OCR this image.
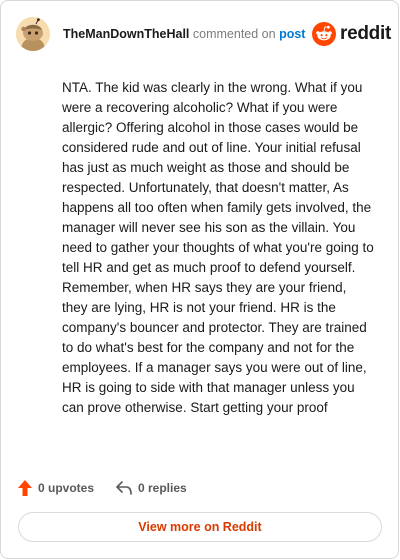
TheManDownTheHall commented on post reddit

NTA. The kid was clearly in the wrong. What if you were a recovering alcoholic? What if you were allergic? Offering alcohol in those cases would be considered rude and out of line. Your initial refusal has just as much weight as those and should be respected. Unfortunately, that doesn't matter, As happens all too often when family gets involved, the manager will never see his son as the villain. You need to gather your thoughts of what you're going to tell HR and get as much proof to defend yourself. Remember, when HR says they are your friend, they are lying, HR is not your friend. HR is the company's bouncer and protector. They are trained to do what's best for the company and not for the employees. If a manager says you were out of line, HR is going to side with that manager unless you can prove otherwise. Start getting your proof

0 upvotes	0 replies
View more on Reddit
